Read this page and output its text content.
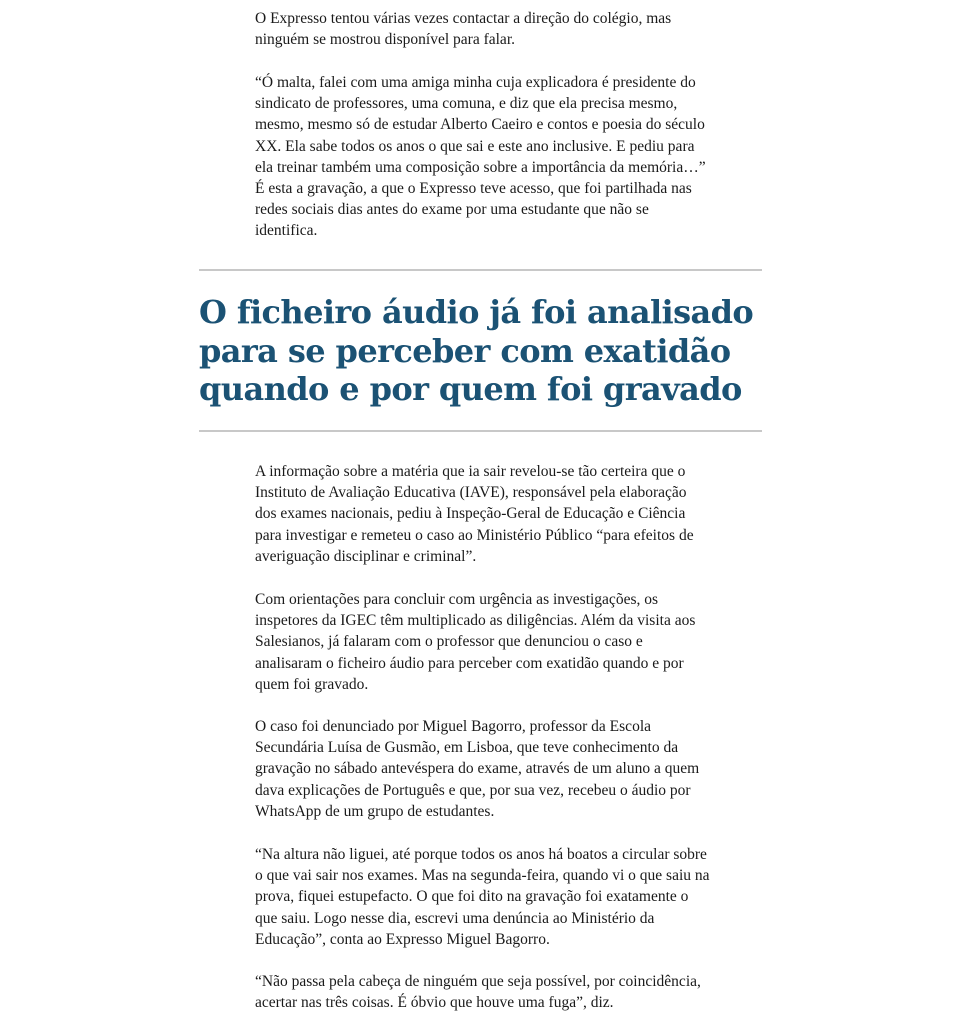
O Expresso tentou várias vezes contactar a direção do colégio, mas ninguém se mostrou disponível para falar.

“Ó malta, falei com uma amiga minha cuja explicadora é presidente do sindicato de professores, uma comuna, e diz que ela precisa mesmo, mesmo, mesmo só de estudar Alberto Caeiro e contos e poesia do século XX. Ela sabe todos os anos o que sai e este ano inclusive. E pediu para ela treinar também uma composição sobre a importância da memória…” É esta a gravação, a que o Expresso teve acesso, que foi partilhada nas redes sociais dias antes do exame por uma estudante que não se identifica.

O ficheiro áudio já foi analisado para se perceber com exatidão quando e por quem foi gravado

A informação sobre a matéria que ia sair revelou-se tão certeira que o Instituto de Avaliação Educativa (IAVE), responsável pela elaboração dos exames nacionais, pediu à Inspeção-Geral de Educação e Ciência para investigar e remeteu o caso ao Ministério Público “para efeitos de averiguação disciplinar e criminal”.

Com orientações para concluir com urgência as investigações, os inspetores da IGEC têm multiplicado as diligências. Além da visita aos Salesianos, já falaram com o professor que denunciou o caso e analisaram o ficheiro áudio para perceber com exatidão quando e por quem foi gravado.

O caso foi denunciado por Miguel Bagorro, professor da Escola Secundária Luísa de Gusmão, em Lisboa, que teve conhecimento da gravação no sábado antevéspera do exame, através de um aluno a quem dava explicações de Português e que, por sua vez, recebeu o áudio por WhatsApp de um grupo de estudantes.

“Na altura não liguei, até porque todos os anos há boatos a circular sobre o que vai sair nos exames. Mas na segunda-feira, quando vi o que saiu na prova, fiquei estupefacto. O que foi dito na gravação foi exatamente o que saiu. Logo nesse dia, escrevi uma denúncia ao Ministério da Educação”, conta ao Expresso Miguel Bagorro.

“Não passa pela cabeça de ninguém que seja possível, por coincidência, acertar nas três coisas. É óbvio que houve uma fuga”, diz.
